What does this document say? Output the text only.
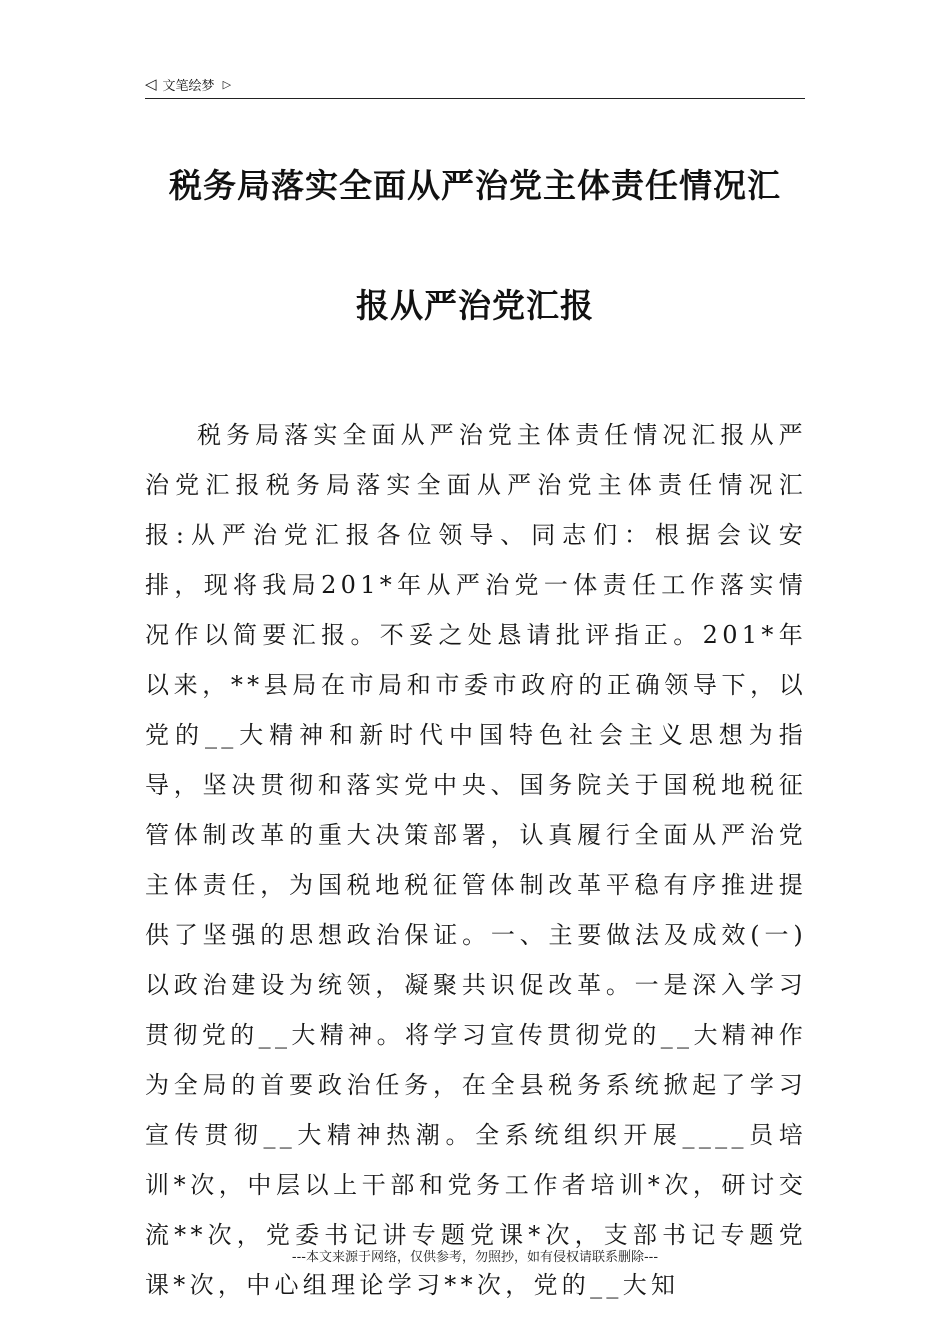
◁ 文笔绘梦 ▷
税务局落实全面从严治党主体责任情况汇
报从严治党汇报

税务局落实全面从严治党主体责任情况汇报从严治党汇报税务局落实全面从严治党主体责任情况汇报:从严治党汇报各位领导、同志们：根据会议安排，现将我局201*年从严治党一体责任工作落实情况作以简要汇报。不妥之处恳请批评指正。201*年以来，**县局在市局和市委市政府的正确领导下，以党的__大精神和新时代中国特色社会主义思想为指导，坚决贯彻和落实党中央、国务院关于国税地税征管体制改革的重大决策部署，认真履行全面从严治党主体责任，为国税地税征管体制改革平稳有序推进提供了坚强的思想政治保证。一、主要做法及成效(一)以政治建设为统领，凝聚共识促改革。一是深入学习贯彻党的__大精神。将学习宣传贯彻党的__大精神作为全局的首要政治任务，在全县税务系统掀起了学习宣传贯彻__大精神热潮。全系统组织开展____员培训*次，中层以上干部和党务工作者培训*次，研讨交流**次，党委书记讲专题党课*次，支部书记专题党课*次，中心组理论学习**次，党的__大知

---本文来源于网络，仅供参考，勿照抄，如有侵权请联系删除---
